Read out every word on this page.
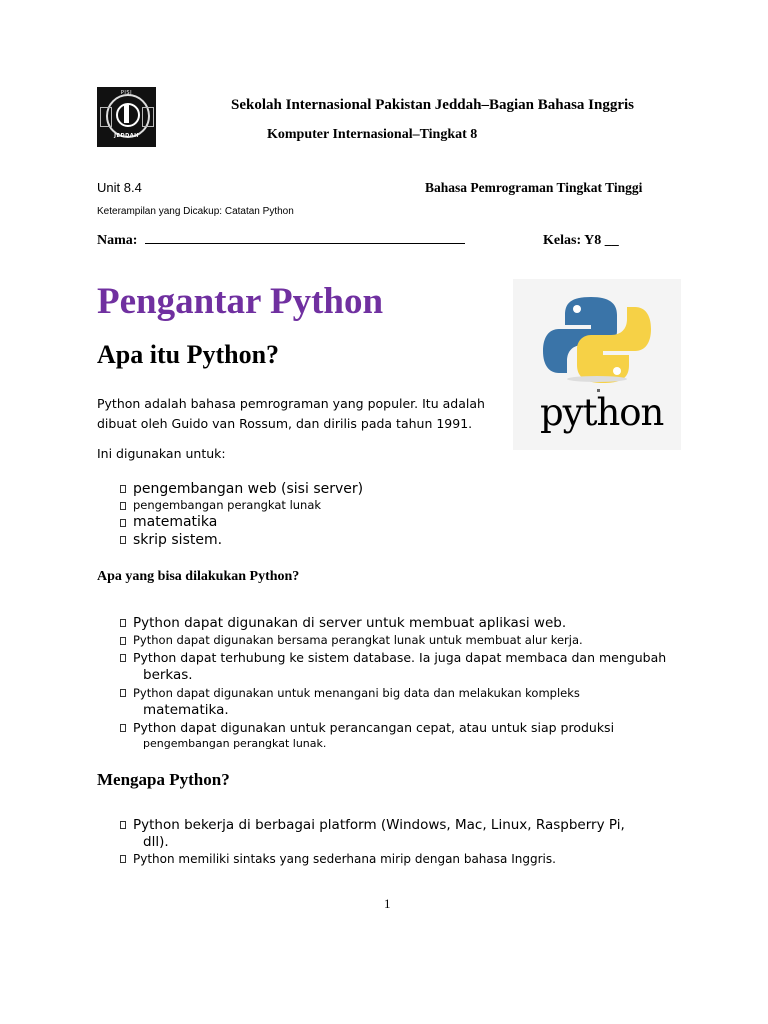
PISJ
JEDDAH
Sekolah Internasional Pakistan Jeddah–Bagian Bahasa Inggris
Komputer Internasional–Tingkat 8
Unit 8.4	Bahasa Pemrograman Tingkat Tinggi
Keterampilan yang Dicakup: Catatan Python
Nama:	Kelas: Y8 __
Pengantar Python
python
Apa itu Python?
Python adalah bahasa pemrograman yang populer. Itu adalah
dibuat oleh Guido van Rossum, dan dirilis pada tahun 1991.
Ini digunakan untuk:
pengembangan web (sisi server)
pengembangan perangkat lunak
matematika
skrip sistem.
Apa yang bisa dilakukan Python?
Python dapat digunakan di server untuk membuat aplikasi web.
Python dapat digunakan bersama perangkat lunak untuk membuat alur kerja.
Python dapat terhubung ke sistem database. Ia juga dapat membaca dan mengubah
berkas.
Python dapat digunakan untuk menangani big data dan melakukan kompleks
matematika.
Python dapat digunakan untuk perancangan cepat, atau untuk siap produksi
pengembangan perangkat lunak.
Mengapa Python?
Python bekerja di berbagai platform (Windows, Mac, Linux, Raspberry Pi,
dll).
Python memiliki sintaks yang sederhana mirip dengan bahasa Inggris.
1
